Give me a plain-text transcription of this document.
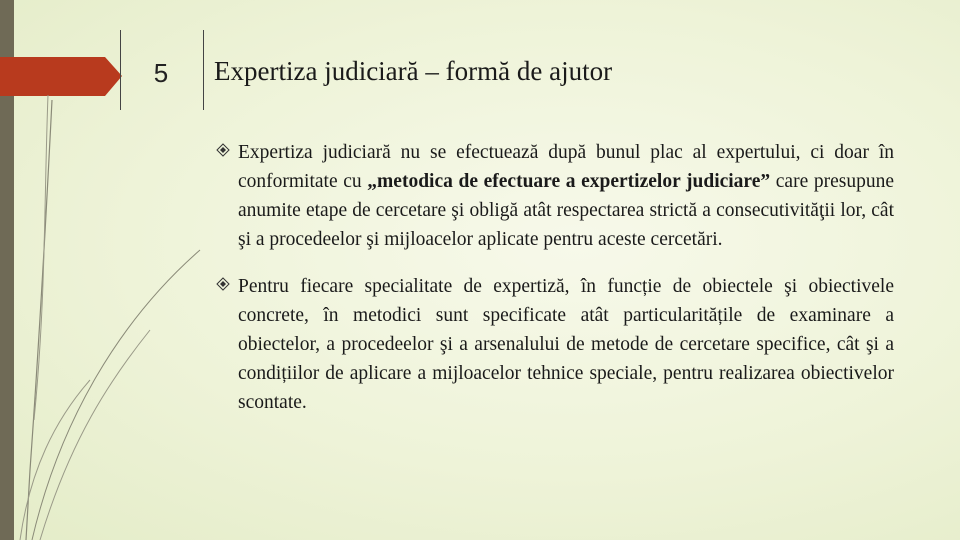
5	Expertiza judiciară – formă de ajutor
Expertiza judiciară nu se efectuează după bunul plac al expertului, ci doar în conformitate cu „metodica de efectuare a expertizelor judiciare” care presupune anumite etape de cercetare şi obligă atât respectarea strictă a consecutivităţii lor, cât şi a procedeelor şi mijloacelor aplicate pentru aceste cercetări.
Pentru fiecare specialitate de expertiză, în funcție de obiectele şi obiectivele concrete, în metodici sunt specificate atât particularitățile de examinare a obiectelor, a procedeelor şi a arsenalului de metode de cercetare specifice, cât şi a condițiilor de aplicare a mijloacelor tehnice speciale, pentru realizarea obiectivelor scontate.
